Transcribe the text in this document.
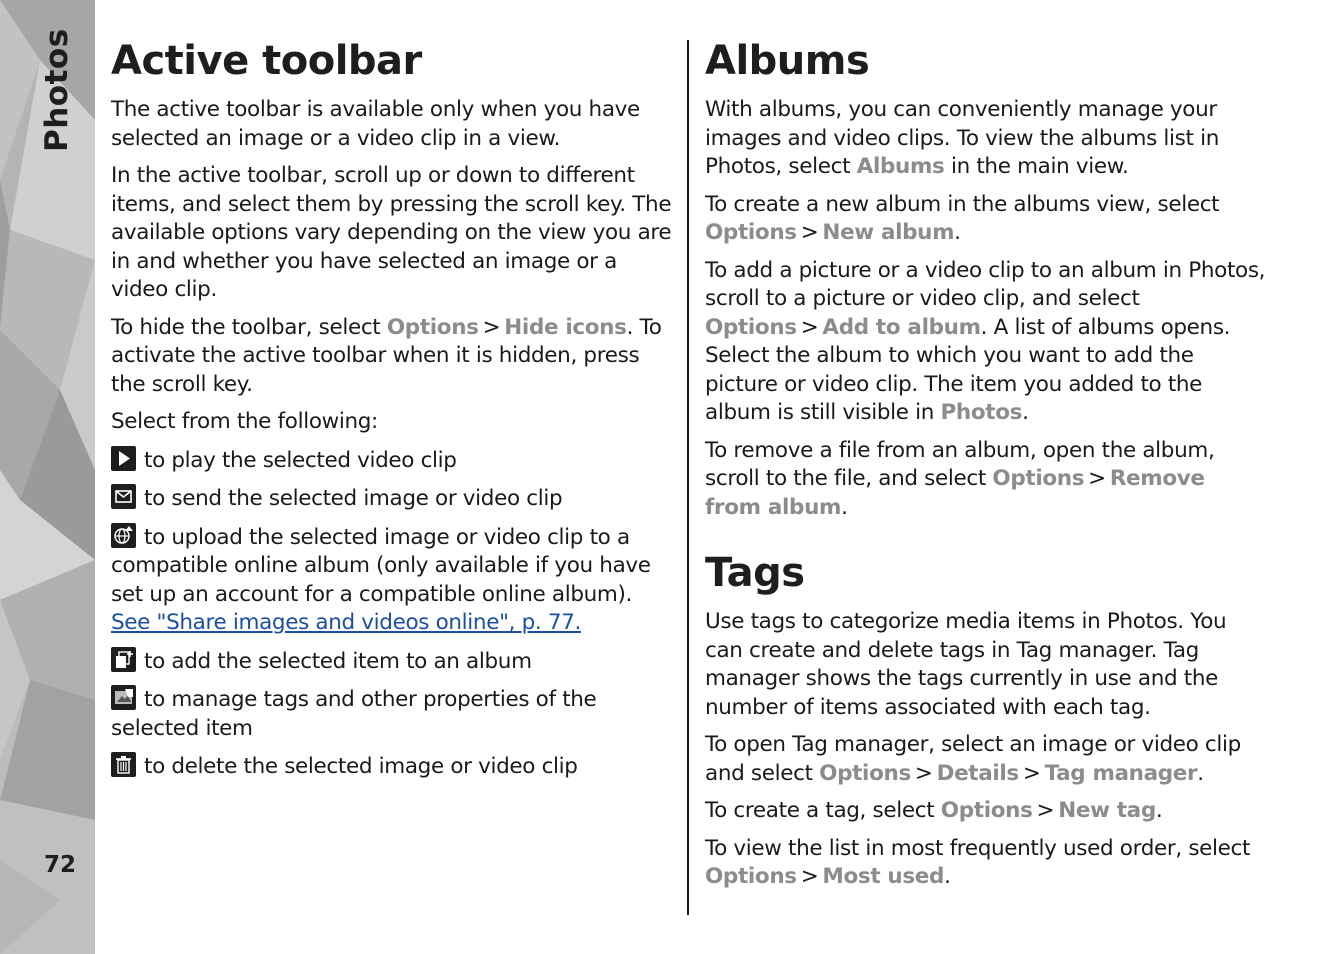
Photos
72
Active toolbar

The active toolbar is available only when you have selected an image or a video clip in a view.

In the active toolbar, scroll up or down to different items, and select them by pressing the scroll key. The available options vary depending on the view you are in and whether you have selected an image or a video clip.

To hide the toolbar, select Options > Hide icons. To activate the active toolbar when it is hidden, press the scroll key.

Select from the following:

to play the selected video clip

to send the selected image or video clip

to upload the selected image or video clip to a compatible online album (only available if you have set up an account for a compatible online album). See "Share images and videos online", p. 77.

to add the selected item to an album

to manage tags and other properties of the selected item

to delete the selected image or video clip

Albums

With albums, you can conveniently manage your images and video clips. To view the albums list in Photos, select Albums in the main view.

To create a new album in the albums view, select Options > New album.

To add a picture or a video clip to an album in Photos, scroll to a picture or video clip, and select Options > Add to album. A list of albums opens. Select the album to which you want to add the picture or video clip. The item you added to the album is still visible in Photos.

To remove a file from an album, open the album, scroll to the file, and select Options > Remove from album.

Tags

Use tags to categorize media items in Photos. You can create and delete tags in Tag manager. Tag manager shows the tags currently in use and the number of items associated with each tag.

To open Tag manager, select an image or video clip and select Options > Details > Tag manager.

To create a tag, select Options > New tag.

To view the list in most frequently used order, select Options > Most used.
